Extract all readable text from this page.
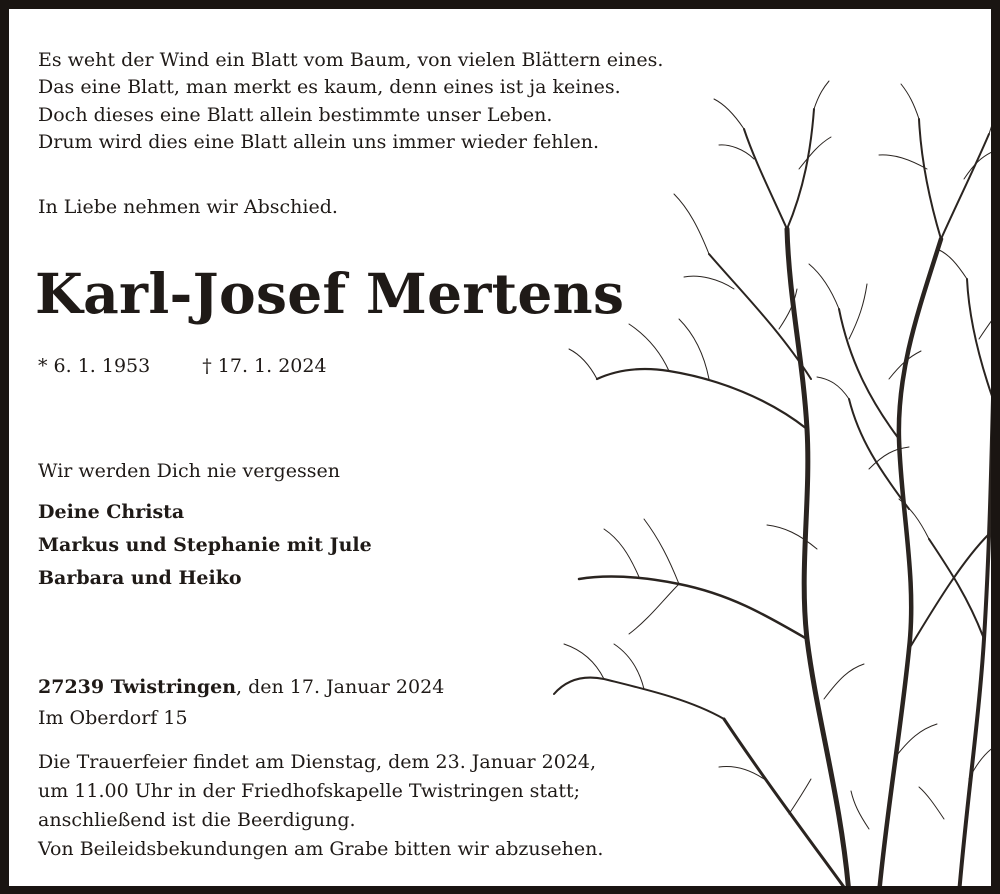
Es weht der Wind ein Blatt vom Baum, von vielen Blättern eines.
Das eine Blatt, man merkt es kaum, denn eines ist ja keines.
Doch dieses eine Blatt allein bestimmte unser Leben.
Drum wird dies eine Blatt allein uns immer wieder fehlen.
In Liebe nehmen wir Abschied.
Karl-Josef Mertens
* 6. 1. 1953	† 17. 1. 2024
Wir werden Dich nie vergessen
Deine Christa
Markus und Stephanie mit Jule
Barbara und Heiko
27239 Twistringen, den 17. Januar 2024
Im Oberdorf 15
Die Trauerfeier findet am Dienstag, dem 23. Januar 2024,
um 11.00 Uhr in der Friedhofskapelle Twistringen statt;
anschließend ist die Beerdigung.
Von Beileidsbekundungen am Grabe bitten wir abzusehen.
